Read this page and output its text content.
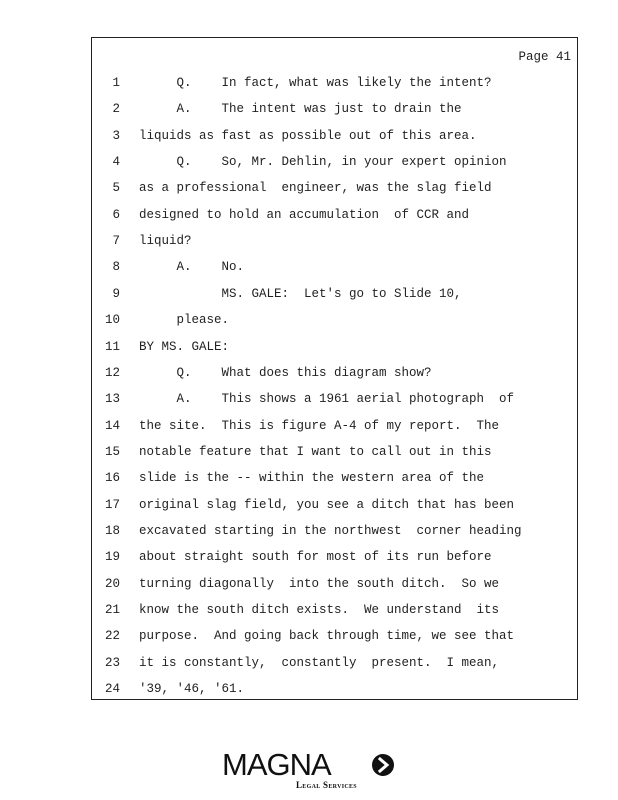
Page 41
1 Q.    In fact, what was likely the intent?
2 A.    The intent was just to drain the
3 liquids as fast as possible out of this area.
4 Q.    So, Mr. Dehlin, in your expert opinion
5 as a professional  engineer, was the slag field
6 designed to hold an accumulation  of CCR and
7 liquid?
8 A.    No.
9 MS. GALE:  Let's go to Slide 10,
10 please.
11 BY MS. GALE:
12 Q.    What does this diagram show?
13 A.    This shows a 1961 aerial photograph  of
14 the site.  This is figure A-4 of my report.  The
15 notable feature that I want to call out in this
16 slide is the -- within the western area of the
17 original slag field, you see a ditch that has been
18 excavated starting in the northwest  corner heading
19 about straight south for most of its run before
20 turning diagonally  into the south ditch.  So we
21 know the south ditch exists.  We understand  its
22 purpose.  And going back through time, we see that
23 it is constantly,  constantly  present.  I mean,
24 '39, '46, '61.
MAGNA
Legal Services
